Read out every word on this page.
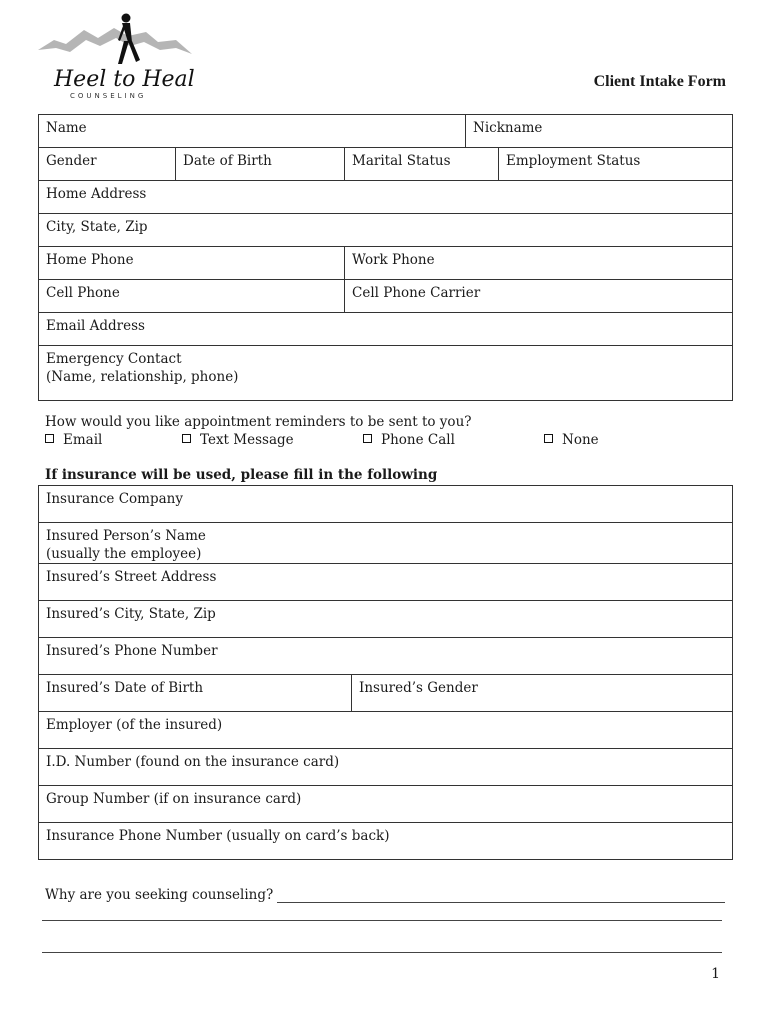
Heel to Heal
COUNSELING
Client Intake Form
Name			Nickname	
Gender	Date of Birth	Marital Status		Employment Status
Home Address				
City, State, Zip				
Home Phone		Work Phone		
Cell Phone		Cell Phone Carrier		
Email Address				

Emergency Contact
(Name, relationship, phone)				
How would you like appointment reminders to be sent to you?
Email	Text Message	Phone Call	None
If insurance will be used, please fill in the following
Insurance Company

Insured Person’s Name
(usually the employee)

Insured’s Street Address
Insured’s City, State, Zip
Insured’s Phone Number
Insured’s Date of Birth	Insured’s Gender
Employer (of the insured)
I.D. Number (found on the insurance card)
Group Number (if on insurance card)
Insurance Phone Number (usually on card’s back)
Why are you seeking counseling?
1
